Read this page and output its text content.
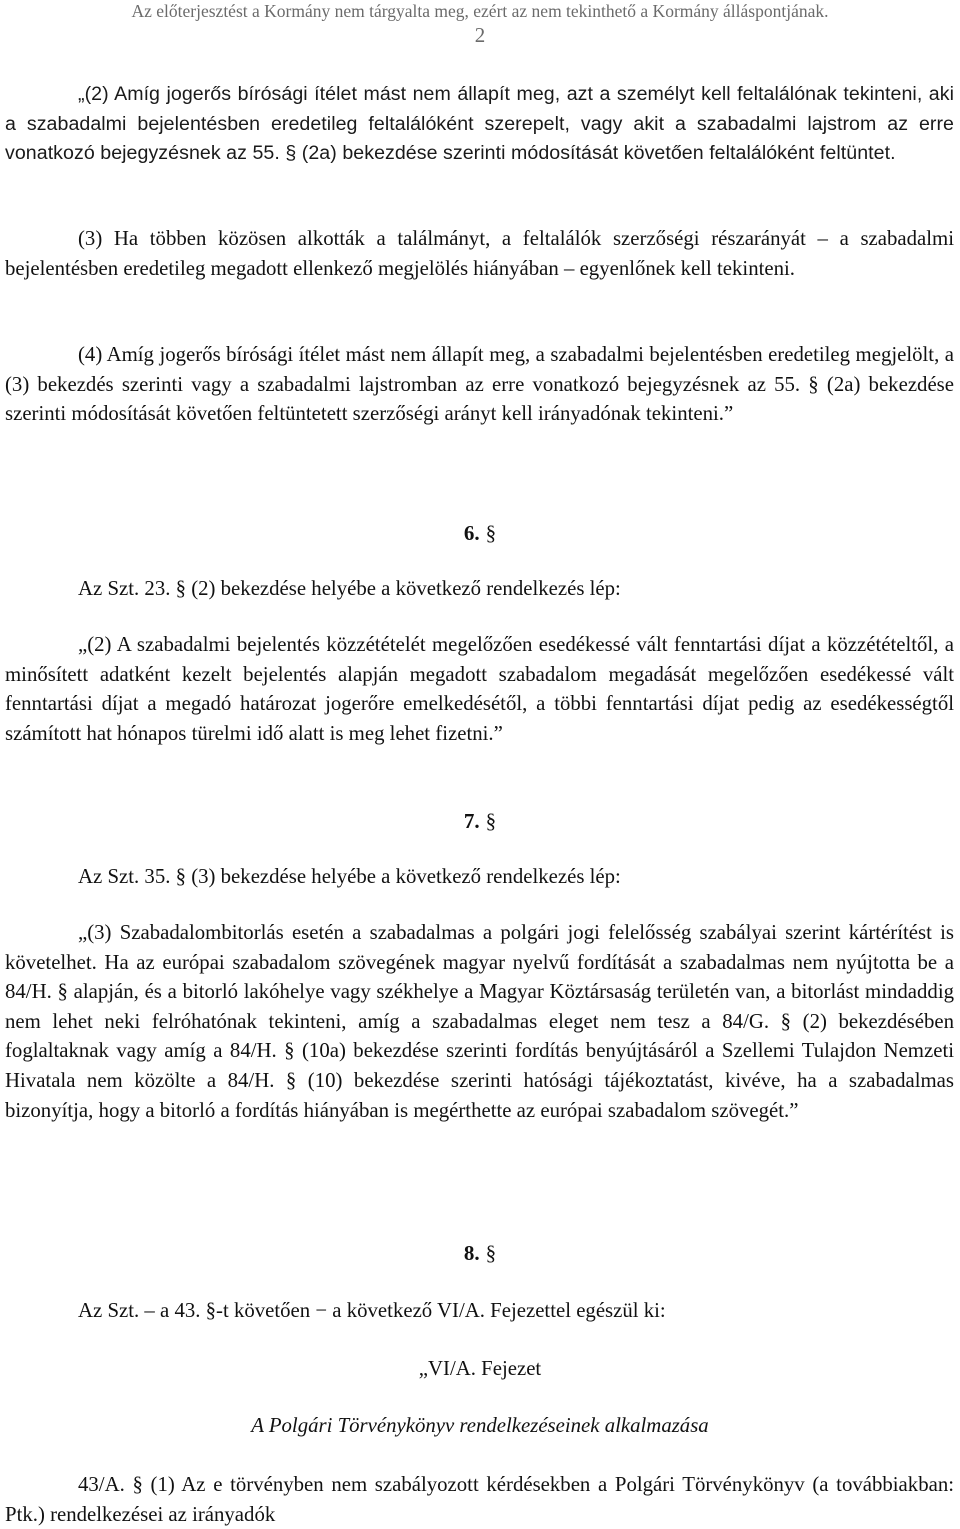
Az előterjesztést a Kormány nem tárgyalta meg, ezért az nem tekinthető a Kormány álláspontjának.
2
„(2) Amíg jogerős bírósági ítélet mást nem állapít meg, azt a személyt kell feltalálónak tekinteni, aki a szabadalmi bejelentésben eredetileg feltalálóként szerepelt, vagy akit a szabadalmi lajstrom az erre vonatkozó bejegyzésnek az 55. § (2a) bekezdése szerinti módosítását követően feltalálóként feltüntet.
(3) Ha többen közösen alkották a találmányt, a feltalálók szerzőségi részarányát – a szabadalmi bejelentésben eredetileg megadott ellenkező megjelölés hiányában – egyenlőnek kell tekinteni.
(4) Amíg jogerős bírósági ítélet mást nem állapít meg, a szabadalmi bejelentésben eredetileg megjelölt, a (3) bekezdés szerinti vagy a szabadalmi lajstromban az erre vonatkozó bejegyzésnek az 55. § (2a) bekezdése szerinti módosítását követően feltüntetett szerzőségi arányt kell irányadónak tekinteni.”
6. §
Az Szt. 23. § (2) bekezdése helyébe a következő rendelkezés lép:
„(2) A szabadalmi bejelentés közzétételét megelőzően esedékessé vált fenntartási díjat a közzétételtől, a minősített adatként kezelt bejelentés alapján megadott szabadalom megadását megelőzően esedékessé vált fenntartási díjat a megadó határozat jogerőre emelkedésétől, a többi fenntartási díjat pedig az esedékességtől számított hat hónapos türelmi idő alatt is meg lehet fizetni.”
7. §
Az Szt. 35. § (3) bekezdése helyébe a következő rendelkezés lép:
„(3) Szabadalombitorlás esetén a szabadalmas a polgári jogi felelősség szabályai szerint kártérítést is követelhet. Ha az európai szabadalom szövegének magyar nyelvű fordítását a szabadalmas nem nyújtotta be a 84/H. § alapján, és a bitorló lakóhelye vagy székhelye a Magyar Köztársaság területén van, a bitorlást mindaddig nem lehet neki felróhatónak tekinteni, amíg a szabadalmas eleget nem tesz a 84/G. § (2) bekezdésében foglaltaknak vagy amíg a 84/H. § (10a) bekezdése szerinti fordítás benyújtásáról a Szellemi Tulajdon Nemzeti Hivatala nem közölte a 84/H. § (10) bekezdése szerinti hatósági tájékoztatást, kivéve, ha a szabadalmas bizonyítja, hogy a bitorló a fordítás hiányában is megérthette az európai szabadalom szövegét.”
8. §
Az Szt. – a 43. §-t követően − a következő VI/A. Fejezettel egészül ki:
„VI/A. Fejezet
A Polgári Törvénykönyv rendelkezéseinek alkalmazása
43/A. § (1) Az e törvényben nem szabályozott kérdésekben a Polgári Törvénykönyv (a továbbiakban: Ptk.) rendelkezései az irányadók
